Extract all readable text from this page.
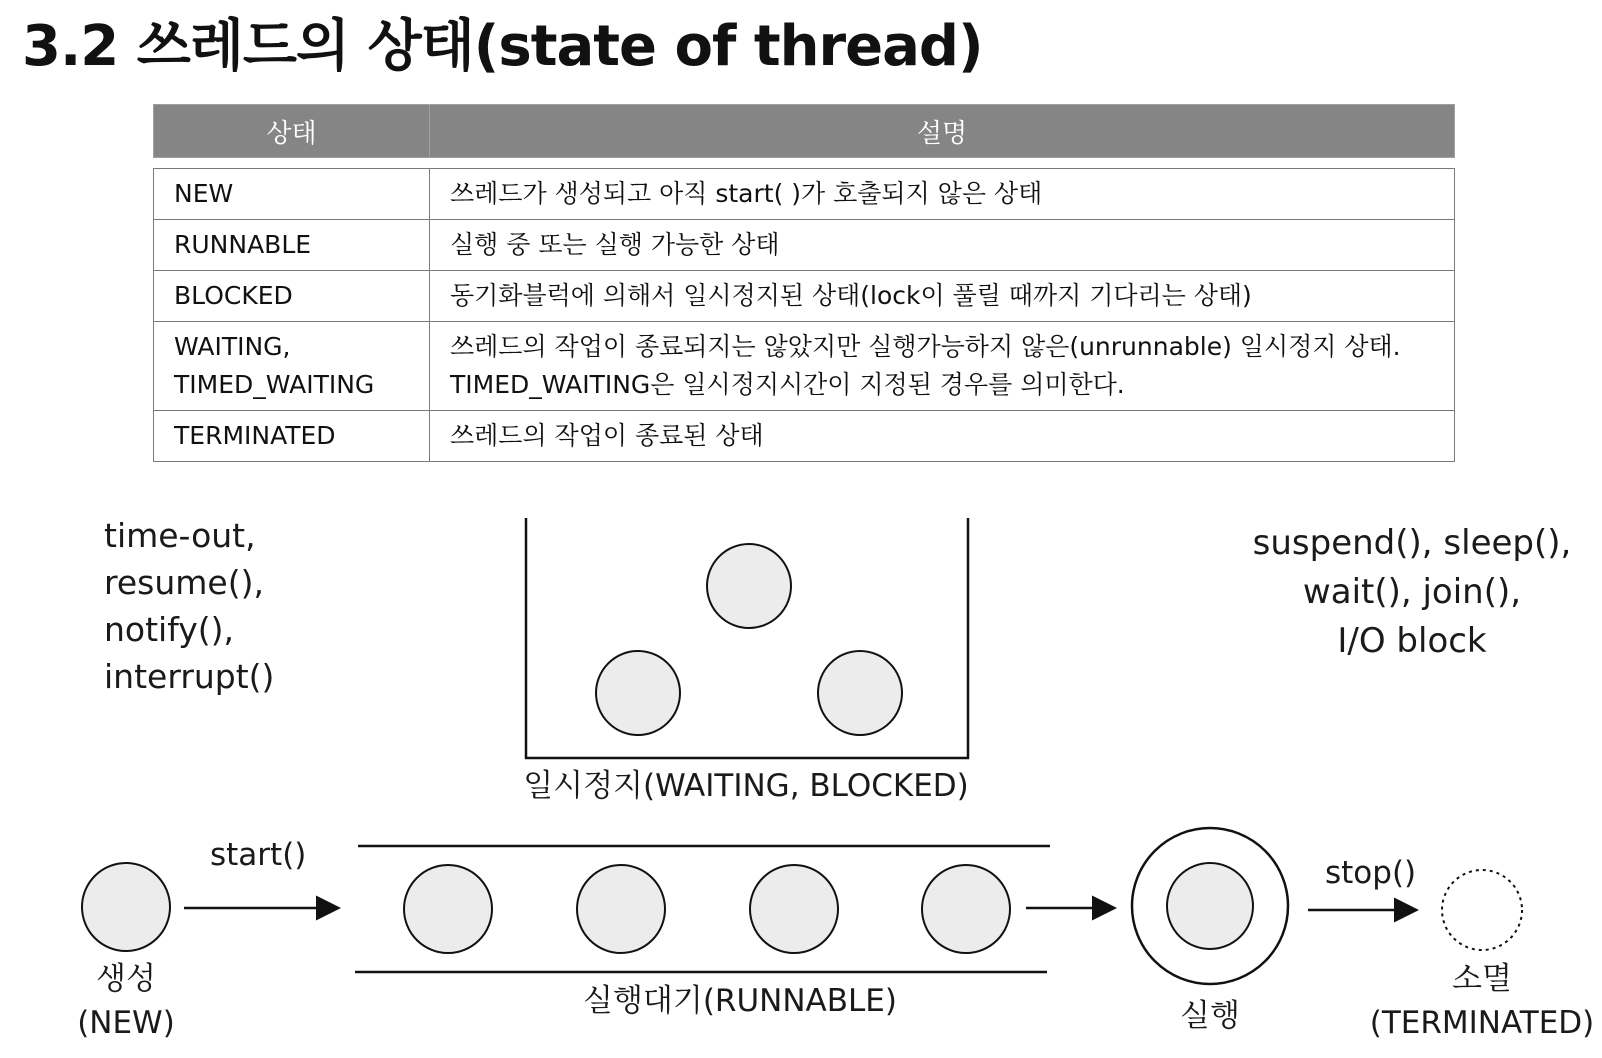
3.2 쓰레드의 상태(state of thread)
상태	설명

NEW	쓰레드가 생성되고 아직 start( )가 호출되지 않은 상태
RUNNABLE	실행 중 또는 실행 가능한 상태
BLOCKED	동기화블럭에 의해서 일시정지된 상태(lock이 풀릴 때까지 기다리는 상태)
WAITING,
TIMED_WAITING	쓰레드의 작업이 종료되지는 않았지만 실행가능하지 않은(unrunnable) 일시정지 상태. TIMED_WAITING은 일시정지시간이 지정된 경우를 의미한다.
TERMINATED	쓰레드의 작업이 종료된 상태
time-out,
resume(),
notify(),
interrupt()
suspend(), sleep(),
wait(), join(),
I/O block
일시정지(WAITING, BLOCKED)
start()	stop()
생성
(NEW)
실행대기(RUNNABLE)	실행
소멸
(TERMINATED)
